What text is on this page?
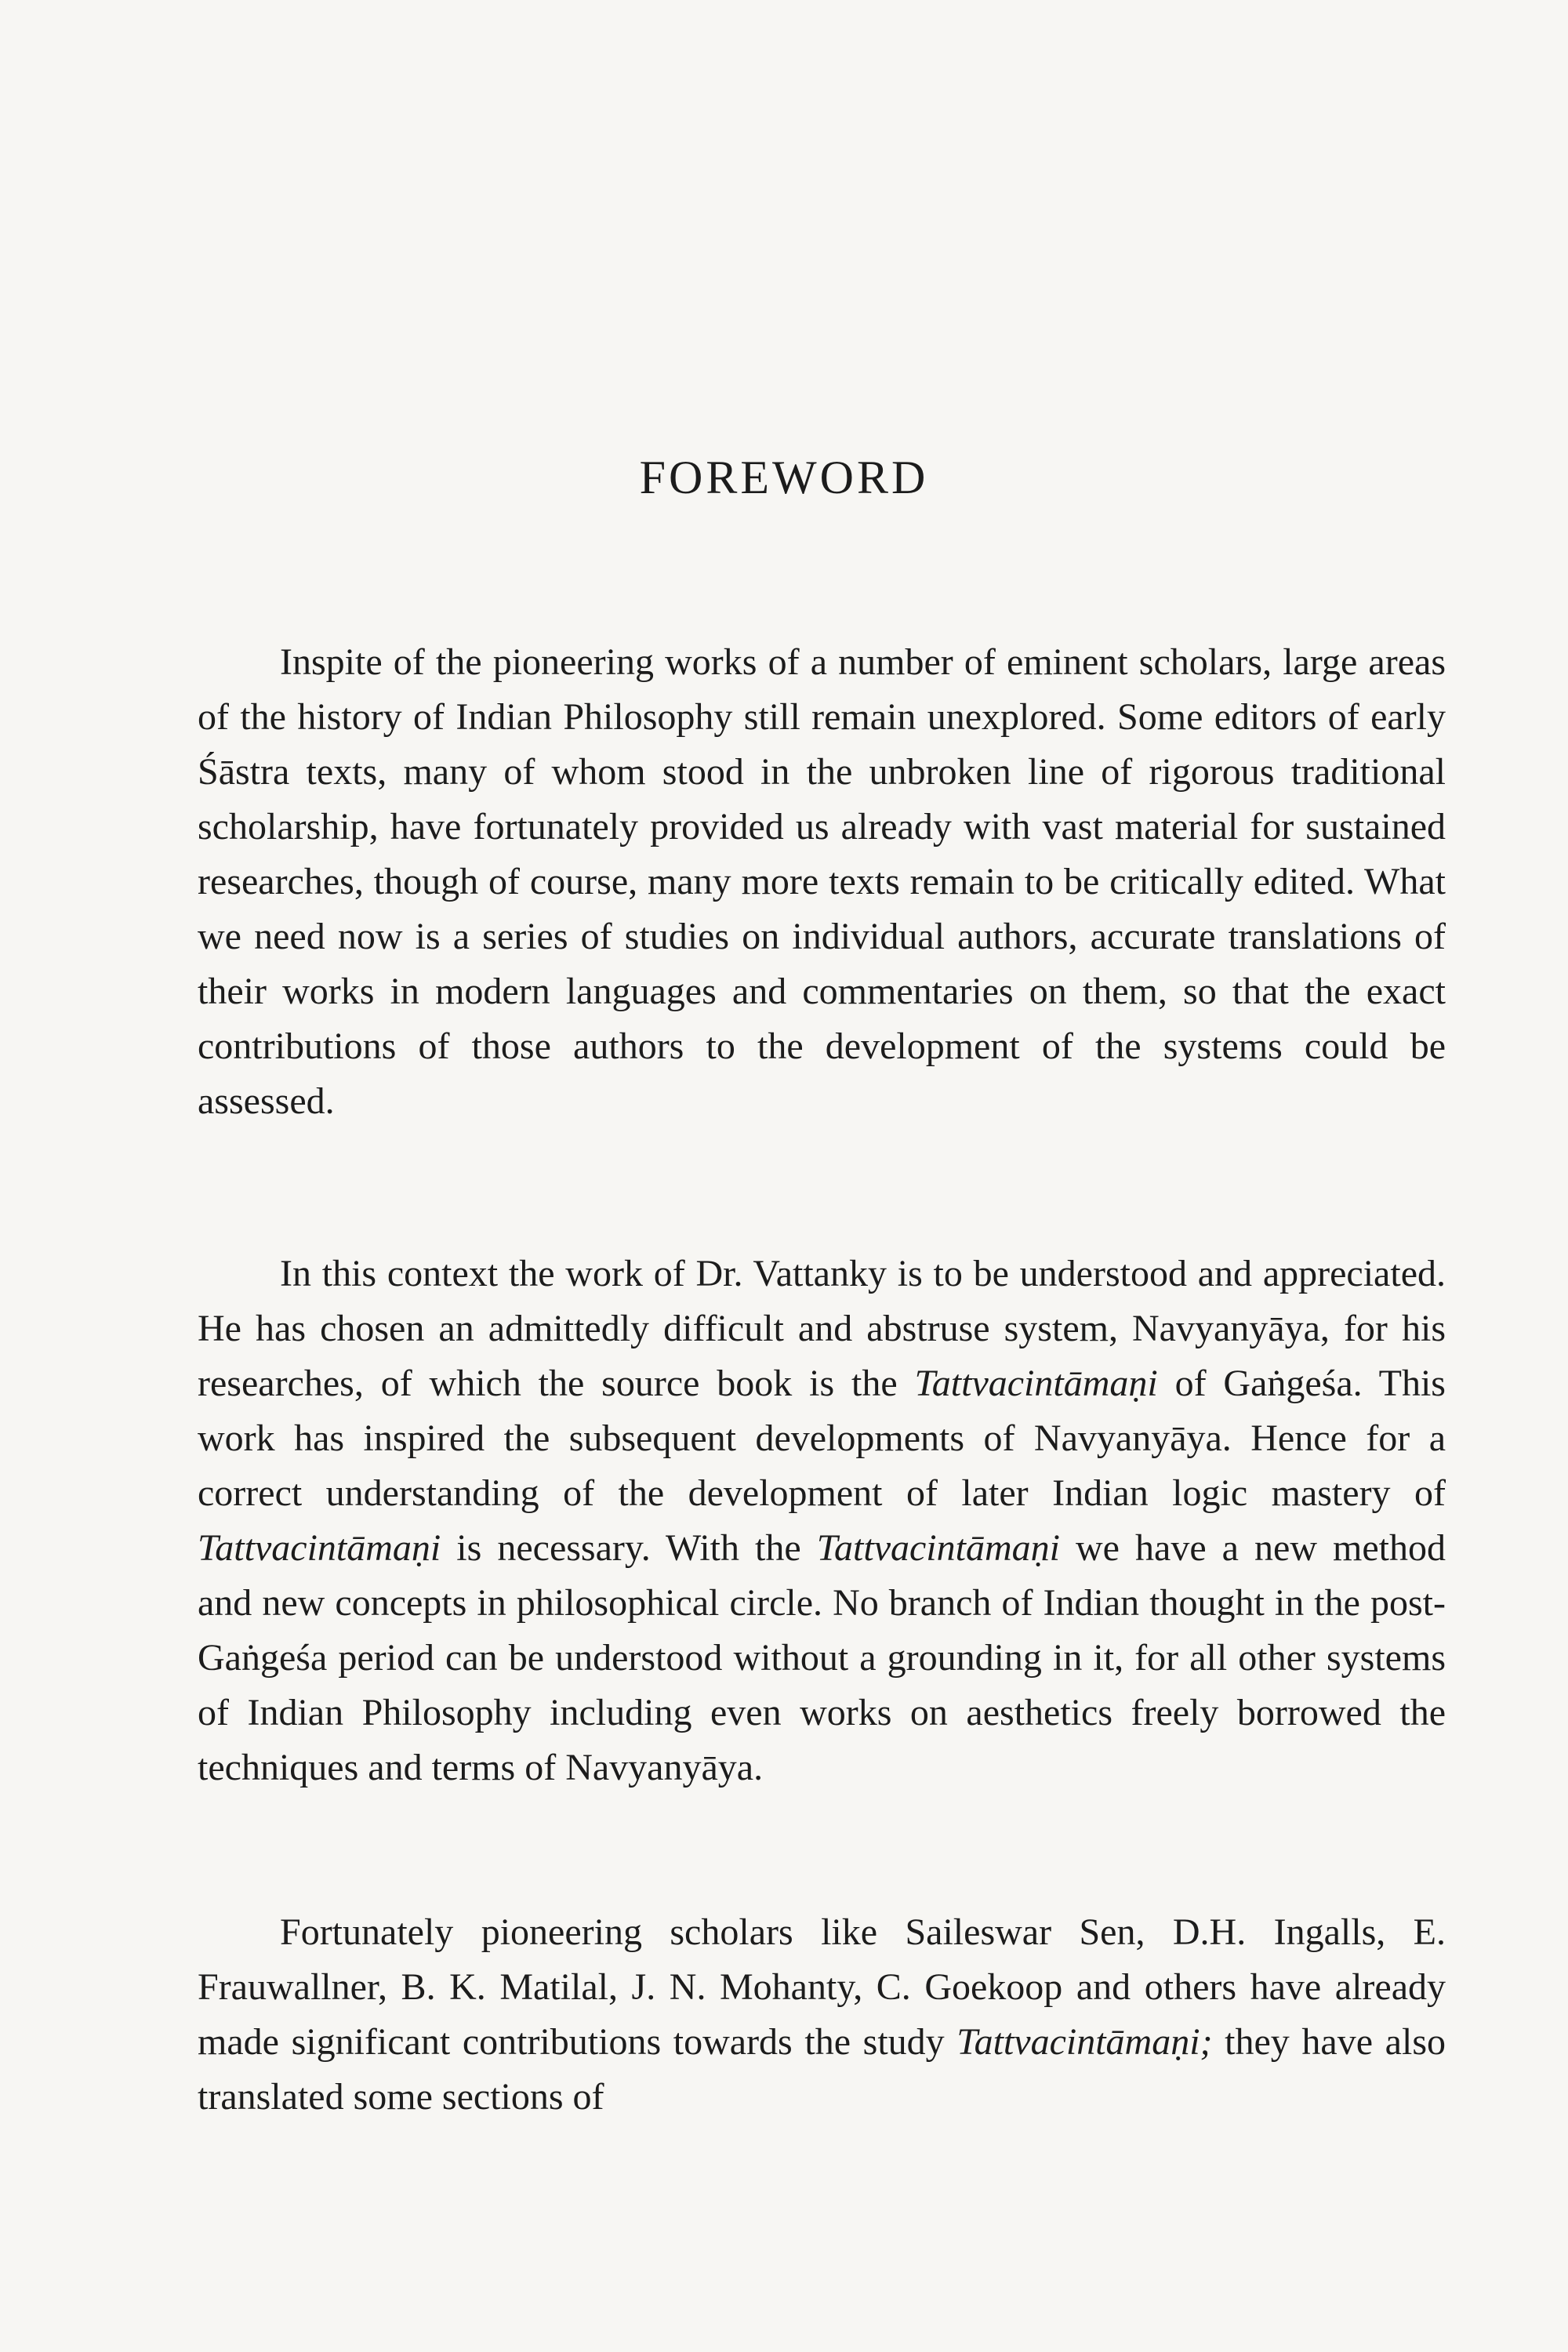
FOREWORD

Inspite of the pioneering works of a number of eminent scholars, large areas of the history of Indian Philosophy still remain unexplored. Some editors of early Śāstra texts, many of whom stood in the unbroken line of rigorous traditional scholarship, have fortunately provided us already with vast material for sustained researches, though of course, many more texts remain to be critically edited. What we need now is a series of studies on individual authors, accurate translations of their works in modern languages and commentaries on them, so that the exact contributions of those authors to the development of the systems could be assessed.

In this context the work of Dr. Vattanky is to be understood and appreciated. He has chosen an admittedly difficult and abstruse system, Navyanyāya, for his researches, of which the source book is the Tattvacintāmaṇi of Gaṅgeśa. This work has inspired the subsequent developments of Navyanyāya. Hence for a correct understanding of the development of later Indian logic mastery of Tattvacintāmaṇi is necessary. With the Tattvacintāmaṇi we have a new method and new concepts in philosophical circle. No branch of Indian thought in the post-Gaṅgeśa period can be understood without a grounding in it, for all other systems of Indian Philosophy including even works on aesthetics freely borrowed the techniques and terms of Navyanyāya.

Fortunately pioneering scholars like Saileswar Sen, D.H. Ingalls, E. Frauwallner, B. K. Matilal, J. N. Mohanty, C. Goekoop and others have already made significant contributions towards the study Tattvacintāmaṇi; they have also translated some sections of
